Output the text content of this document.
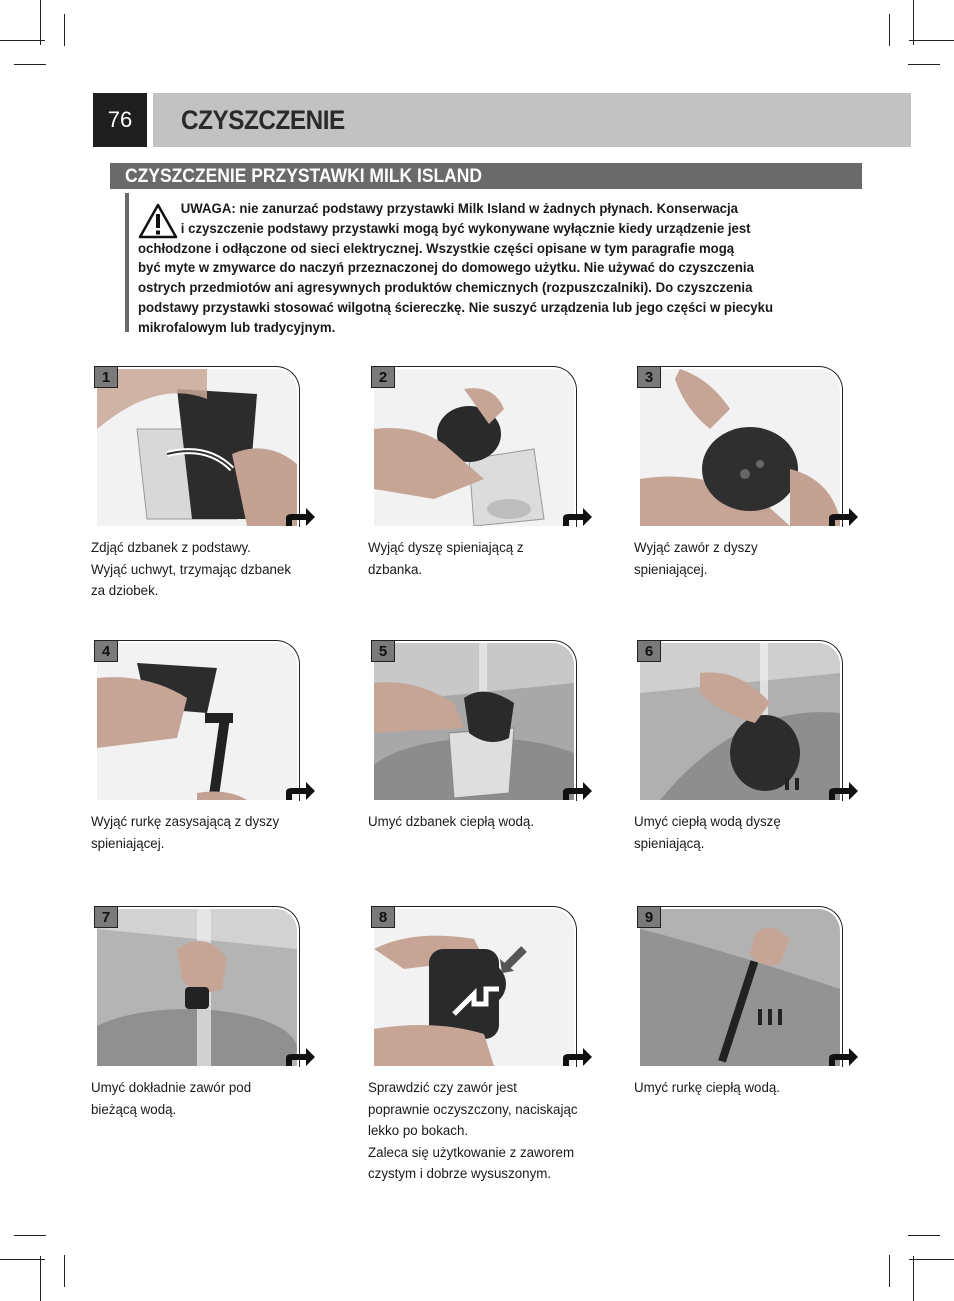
76	CZYSZCZENIE
CZYSZCZENIE PRZYSTAWKI MILK ISLAND
UWAGA: nie zanurzać podstawy przystawki Milk Island w żadnych płynach. Konserwacja
i czyszczenie podstawy przystawki mogą być wykonywane wyłącznie kiedy urządzenie jest
ochłodzone i odłączone od sieci elektrycznej. Wszystkie części opisane w tym paragrafie mogą
być myte w zmywarce do naczyń przeznaczonej do domowego użytku. Nie używać do czyszczenia
ostrych przedmiotów ani agresywnych produktów chemicznych (rozpuszczalniki). Do czyszczenia
podstawy przystawki stosować wilgotną ściereczkę. Nie suszyć urządzenia lub jego części w piecyku
mikrofalowym lub tradycyjnym.
1
Zdjąć dzbanek z podstawy.
Wyjąć uchwyt, trzymając dzbanek
za dziobek.
2
Wyjąć dyszę spieniającą z
dzbanka.
3
Wyjąć zawór z dyszy
spieniającej.
4
Wyjąć rurkę zasysającą z dyszy
spieniającej.
5
Umyć dzbanek ciepłą wodą.
6
Umyć ciepłą wodą dyszę
spieniającą.
7
Umyć dokładnie zawór pod
bieżącą wodą.
8
Sprawdzić czy zawór jest
poprawnie oczyszczony, naciskając
lekko po bokach.
Zaleca się użytkowanie z zaworem
czystym i dobrze wysuszonym.
9
Umyć rurkę ciepłą wodą.
